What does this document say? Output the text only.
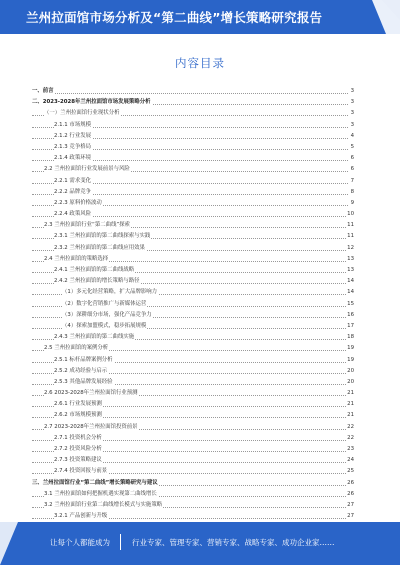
兰州拉面馆市场分析及“第二曲线”增长策略研究报告
内容目录
一、前言	3
二、2023-2028年兰州拉面馆市场发展策略分析	3
（一）兰州拉面馆行业现状分析	3
2.1.1 市场规模	3
2.1.2 行业发展	4
2.1.3 竞争格局	5
2.1.4 政策环境	6
2.2 兰州拉面馆行业发展前景与风险	6
2.2.1 需求变化	7
2.2.2 品牌竞争	8
2.2.3 原料价格波动	9
2.2.4 政策风险	10
2.3 兰州拉面馆行业“第二曲线”探索	11
2.3.1 兰州拉面馆的第二曲线探索与实践	11
2.3.2 兰州拉面馆的第二曲线应用效果	12
2.4 兰州拉面馆的策略选择	13
2.4.1 兰州拉面馆的第二曲线战略	13
2.4.2 兰州拉面馆的增长策略与路径	14
（1）多元化经营策略，扩大品牌影响力	14
（2）数字化营销推广与新媒体运营	15
（3）深耕细分市场，强化产品竞争力	16
（4）探索加盟模式，稳步拓展规模	17
2.4.3 兰州拉面馆的第二曲线实施	18
2.5 兰州拉面馆的案例分析	19
2.5.1 标杆品牌案例分析	19
2.5.2 成功经验与启示	20
2.5.3 其他品牌发展经验	20
2.6 2023-2028年兰州拉面馆行业预测	21
2.6.1 行业发展预测	21
2.6.2 市场规模预测	21
2.7 2023-2028年兰州拉面馆投资前景	22
2.7.1 投资机会分析	22
2.7.2 投资风险分析	23
2.7.3 投资策略建议	24
2.7.4 投资回报与前景	25
三、兰州拉面馆行业“第二曲线”增长策略研究与建议	26
3.1 兰州拉面馆如何把握机遇实现第二曲线增长	26
3.2 兰州拉面馆行业第二曲线增长模式与实施策略	27
3.2.1 产品创新与升级	27
让每个人都能成为	行业专家、管理专家、营销专家、战略专家、成功企业家……
